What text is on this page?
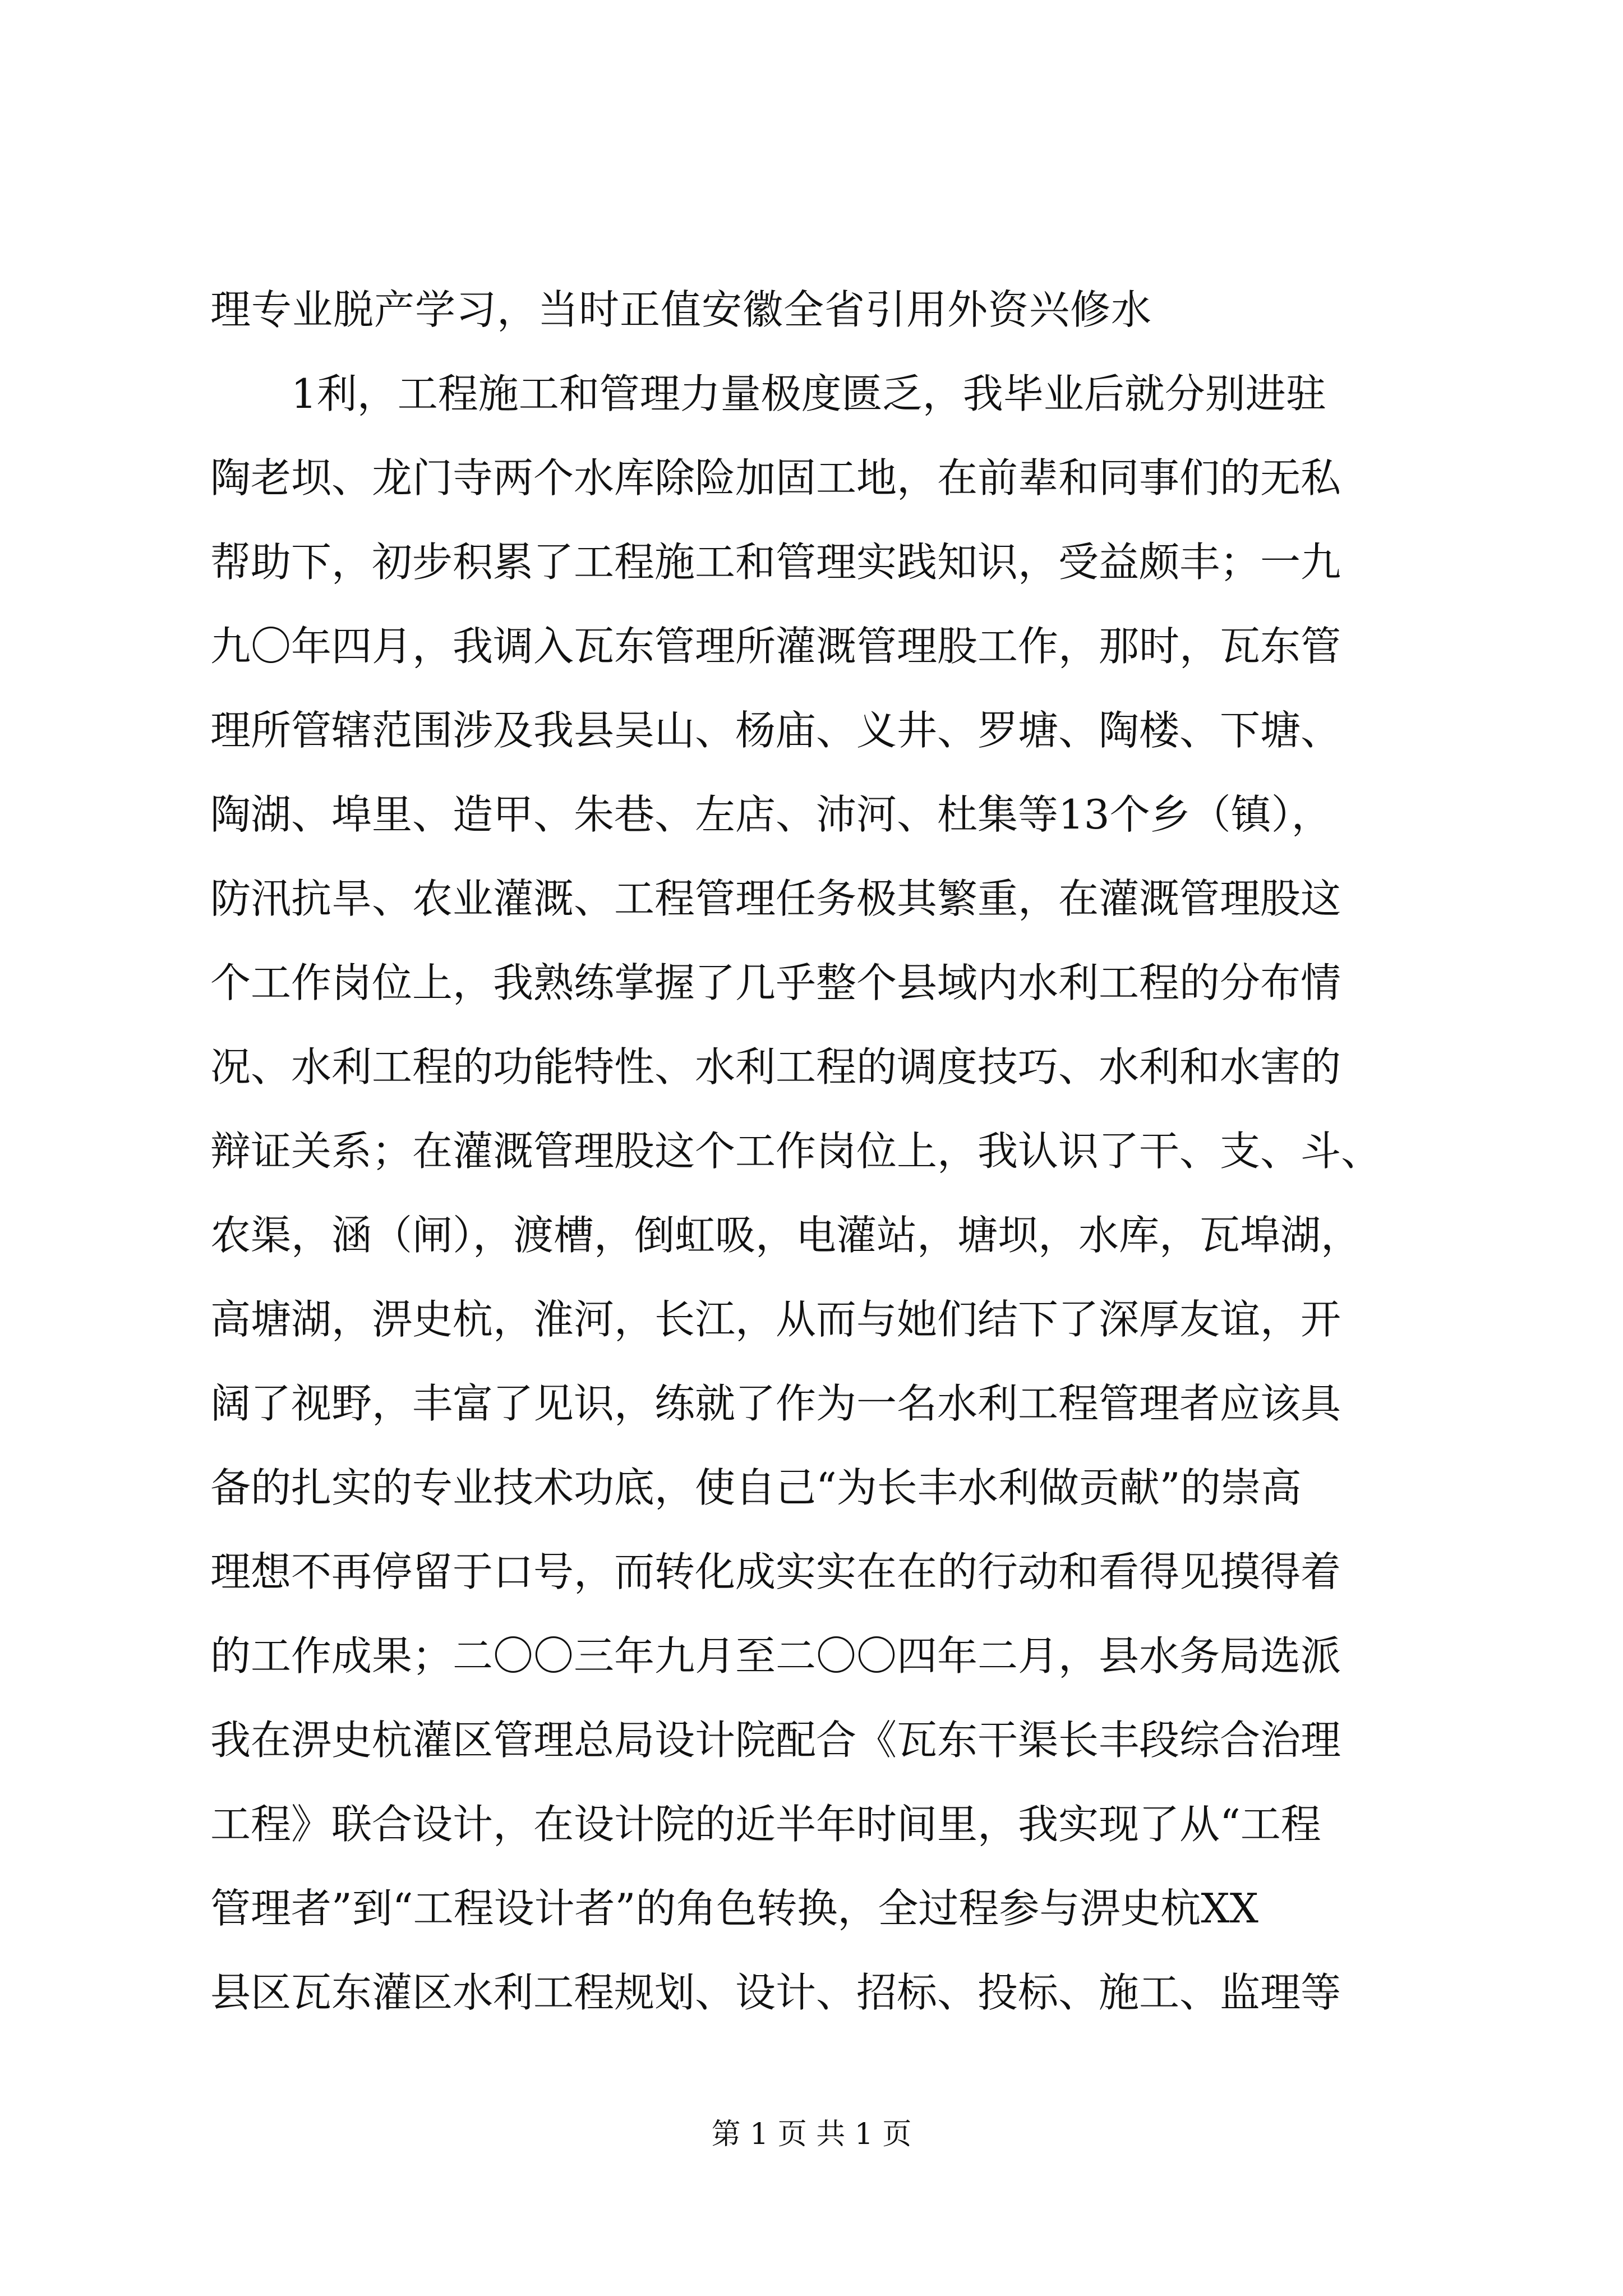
理专业脱产学习，当时正值安徽全省引用外资兴修水
　　1利，工程施工和管理力量极度匮乏，我毕业后就分别进驻
陶老坝、龙门寺两个水库除险加固工地，在前辈和同事们的无私
帮助下，初步积累了工程施工和管理实践知识，受益颇丰；一九
九〇年四月，我调入瓦东管理所灌溉管理股工作，那时，瓦东管
理所管辖范围涉及我县吴山、杨庙、义井、罗塘、陶楼、下塘、
陶湖、埠里、造甲、朱巷、左店、沛河、杜集等13个乡（镇），
防汛抗旱、农业灌溉、工程管理任务极其繁重，在灌溉管理股这
个工作岗位上，我熟练掌握了几乎整个县域内水利工程的分布情
况、水利工程的功能特性、水利工程的调度技巧、水利和水害的
辩证关系；在灌溉管理股这个工作岗位上，我认识了干、支、斗、
农渠，涵（闸），渡槽，倒虹吸，电灌站，塘坝，水库，瓦埠湖，
高塘湖，淠史杭，淮河，长江，从而与她们结下了深厚友谊，开
阔了视野，丰富了见识，练就了作为一名水利工程管理者应该具
备的扎实的专业技术功底，使自己“为长丰水利做贡献”的崇高
理想不再停留于口号，而转化成实实在在的行动和看得见摸得着
的工作成果；二〇〇三年九月至二〇〇四年二月，县水务局选派
我在淠史杭灌区管理总局设计院配合《瓦东干渠长丰段综合治理
工程》联合设计，在设计院的近半年时间里，我实现了从“工程
管理者”到“工程设计者”的角色转换，全过程参与淠史杭XX
县区瓦东灌区水利工程规划、设计、招标、投标、施工、监理等
第 1 页 共 1 页
